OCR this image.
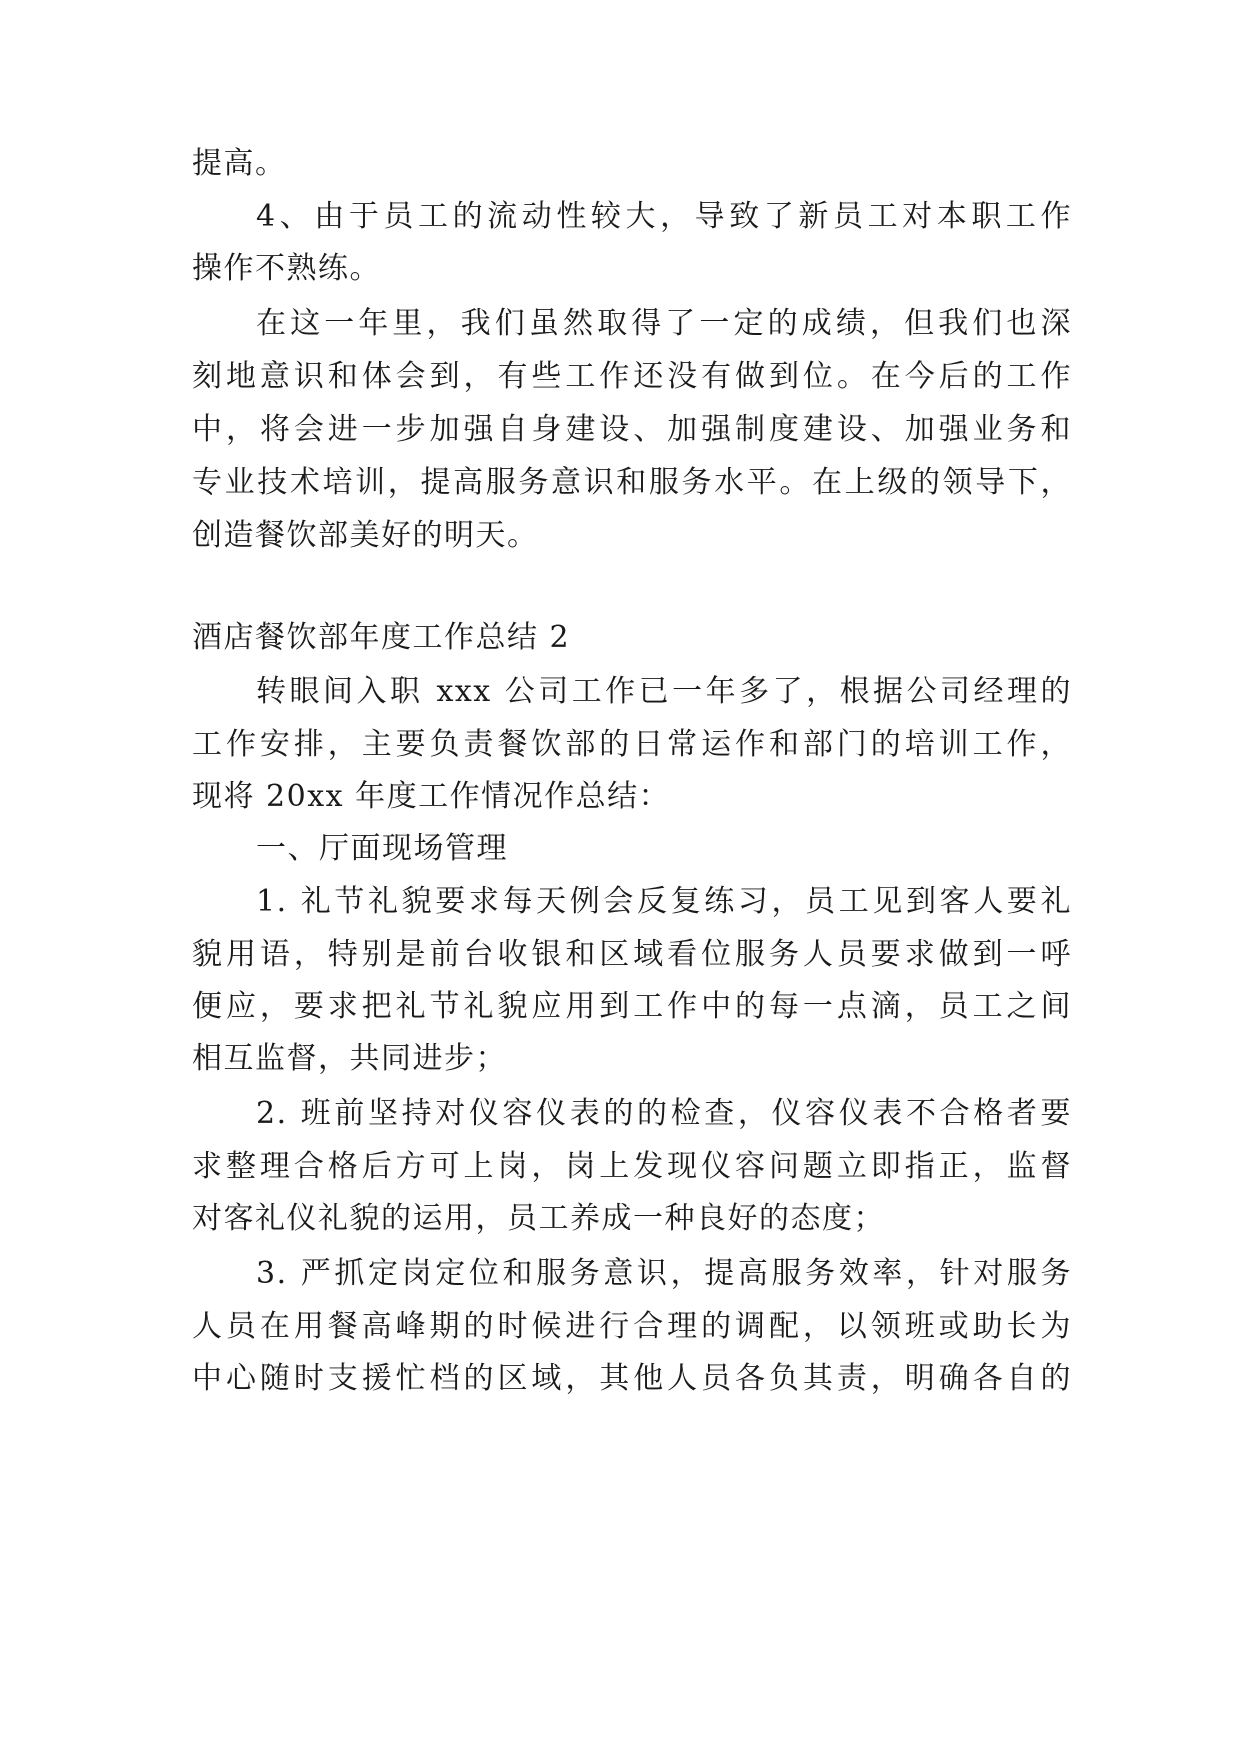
提高。

4、由于员工的流动性较大，导致了新员工对本职工作

操作不熟练。

在这一年里，我们虽然取得了一定的成绩，但我们也深

刻地意识和体会到，有些工作还没有做到位。在今后的工作

中，将会进一步加强自身建设、加强制度建设、加强业务和

专业技术培训，提高服务意识和服务水平。在上级的领导下，

创造餐饮部美好的明天。

酒店餐饮部年度工作总结 2

转眼间入职 xxx 公司工作已一年多了，根据公司经理的

工作安排，主要负责餐饮部的日常运作和部门的培训工作，

现将 20xx 年度工作情况作总结：

一、厅面现场管理

1. 礼节礼貌要求每天例会反复练习，员工见到客人要礼

貌用语，特别是前台收银和区域看位服务人员要求做到一呼

便应，要求把礼节礼貌应用到工作中的每一点滴，员工之间

相互监督，共同进步；

2. 班前坚持对仪容仪表的的检查，仪容仪表不合格者要

求整理合格后方可上岗，岗上发现仪容问题立即指正，监督

对客礼仪礼貌的运用，员工养成一种良好的态度；

3. 严抓定岗定位和服务意识，提高服务效率，针对服务

人员在用餐高峰期的时候进行合理的调配，以领班或助长为

中心随时支援忙档的区域，其他人员各负其责，明确各自的
